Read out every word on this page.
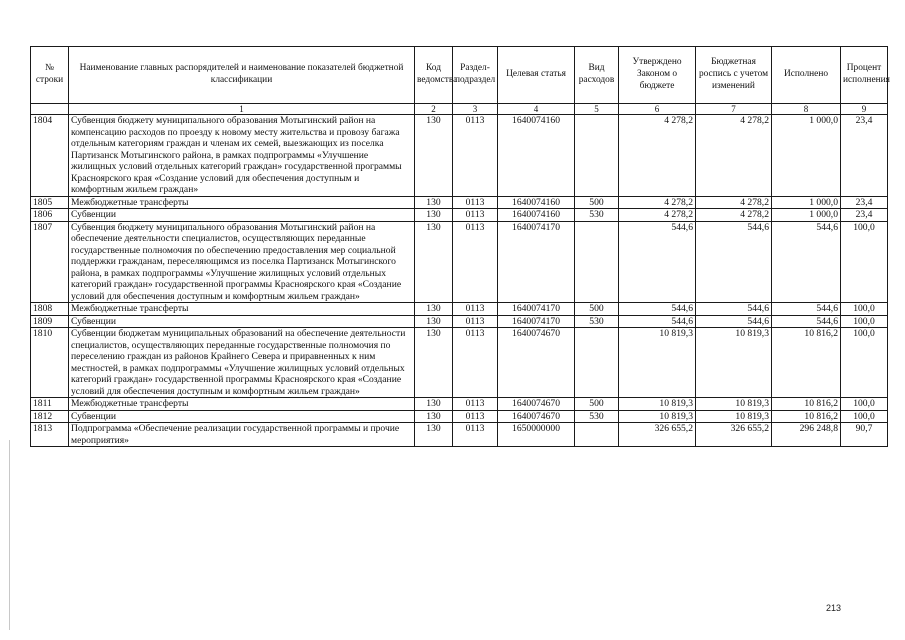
№ строки	Наименование главных распорядителей и наименование показателей бюджетной классификации	Код ведомства	Раздел-подраздел	Целевая статья	Вид расходов	Утверждено Законом о бюджете	Бюджетная роспись с учетом изменений	Исполнено	Процент исполнения
	1	2	3	4	5	6	7	8	9
1804	Субвенция бюджету муниципального образования Мотыгинский район на компенсацию расходов по проезду к новому месту жительства и провозу багажа отдельным категориям граждан и членам их семей, выезжающих из поселка Партизанск Мотыгинского района, в рамках подпрограммы «Улучшение жилищных условий отдельных категорий граждан» государственной программы Красноярского края «Создание условий для обеспечения доступным и комфортным жильем граждан»	130	0113	1640074160		4 278,2	4 278,2	1 000,0	23,4
1805	Межбюджетные трансферты	130	0113	1640074160	500	4 278,2	4 278,2	1 000,0	23,4
1806	Субвенции	130	0113	1640074160	530	4 278,2	4 278,2	1 000,0	23,4
1807	Субвенция бюджету муниципального образования Мотыгинский район на обеспечение деятельности специалистов, осуществляющих переданные государственные полномочия по обеспечению предоставления мер социальной поддержки гражданам, переселяющимся из поселка Партизанск Мотыгинского района, в рамках подпрограммы «Улучшение жилищных условий отдельных категорий граждан» государственной программы Красноярского края «Создание условий для обеспечения доступным и комфортным жильем граждан»	130	0113	1640074170		544,6	544,6	544,6	100,0
1808	Межбюджетные трансферты	130	0113	1640074170	500	544,6	544,6	544,6	100,0
1809	Субвенции	130	0113	1640074170	530	544,6	544,6	544,6	100,0
1810	Субвенции бюджетам муниципальных образований на обеспечение деятельности специалистов, осуществляющих переданные государственные полномочия по переселению граждан из районов Крайнего Севера и приравненных к ним местностей, в рамках подпрограммы «Улучшение жилищных условий отдельных категорий граждан» государственной программы Красноярского края «Создание условий для обеспечения доступным и комфортным жильем граждан»	130	0113	1640074670		10 819,3	10 819,3	10 816,2	100,0
1811	Межбюджетные трансферты	130	0113	1640074670	500	10 819,3	10 819,3	10 816,2	100,0
1812	Субвенции	130	0113	1640074670	530	10 819,3	10 819,3	10 816,2	100,0
1813	Подпрограмма «Обеспечение реализации государственной программы и прочие мероприятия»	130	0113	1650000000		326 655,2	326 655,2	296 248,8	90,7
213
